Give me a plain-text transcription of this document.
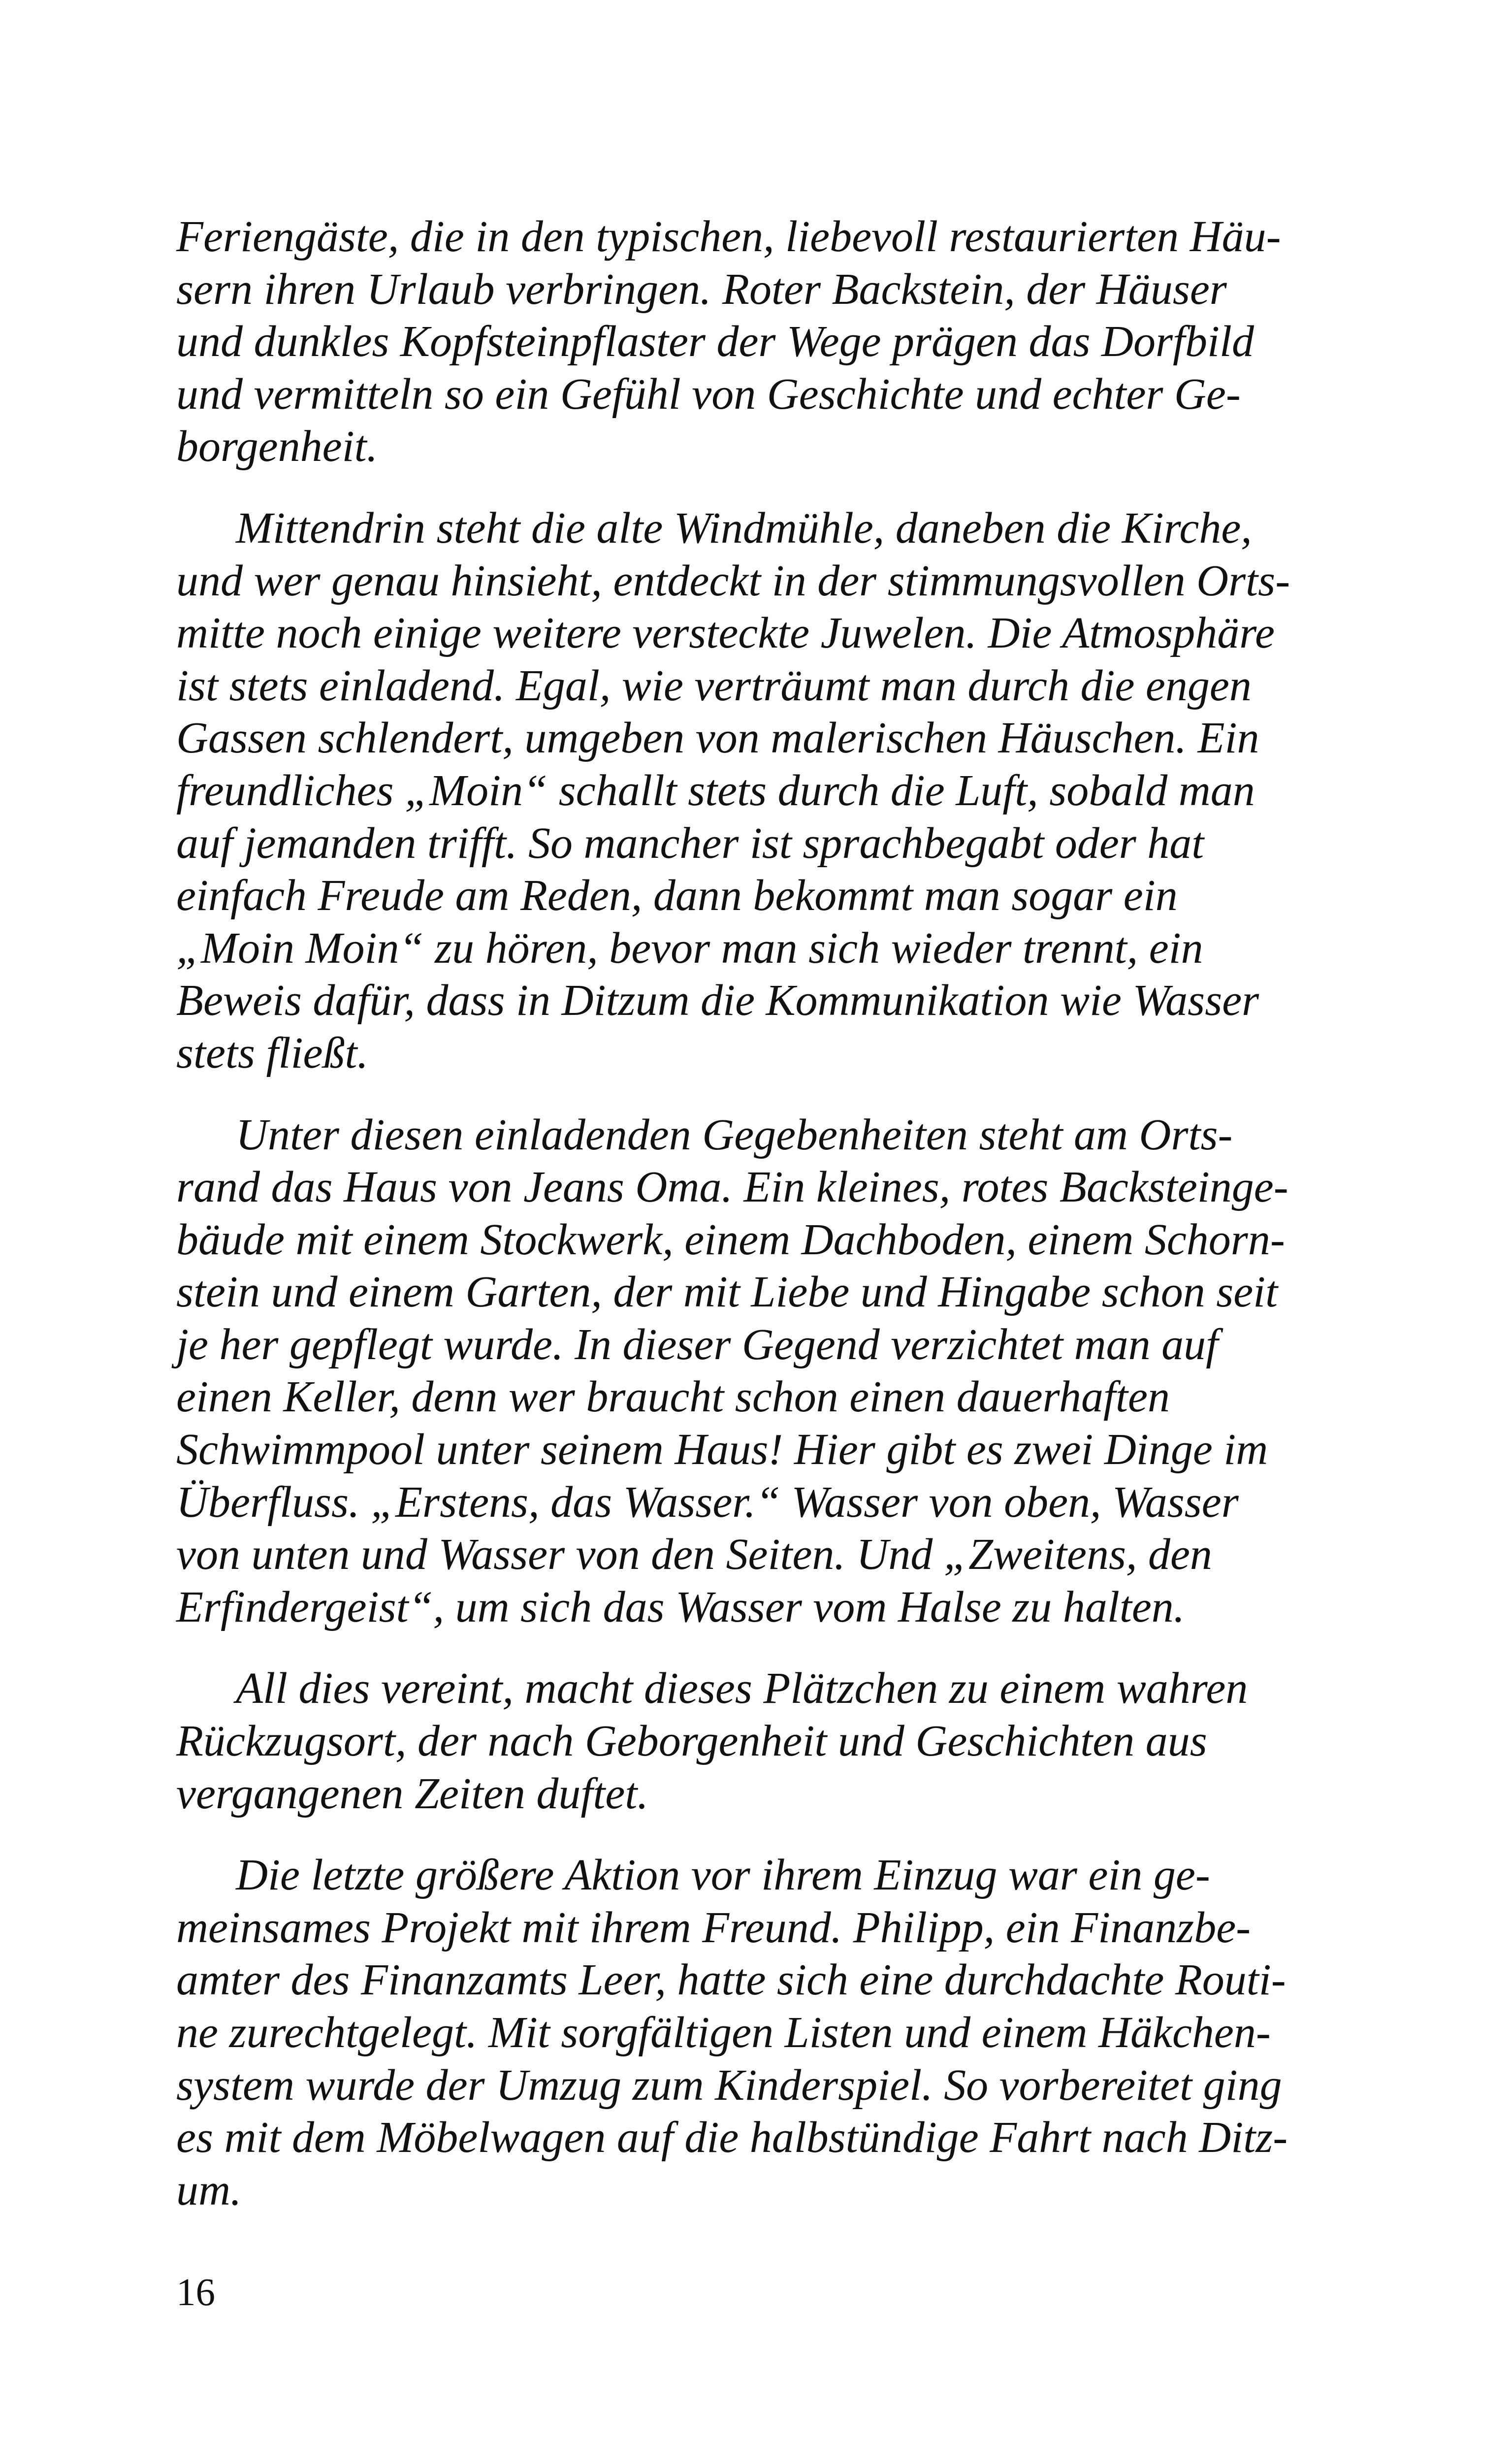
Feriengäste, die in den typischen, liebevoll restaurierten Häu-
sern ihren Urlaub verbringen. Roter Backstein, der Häuser
und dunkles Kopfsteinpflaster der Wege prägen das Dorfbild
und vermitteln so ein Gefühl von Geschichte und echter Ge-
borgenheit.
Mittendrin steht die alte Windmühle, daneben die Kirche,
und wer genau hinsieht, entdeckt in der stimmungsvollen Orts-
mitte noch einige weitere versteckte Juwelen. Die Atmosphäre
ist stets einladend. Egal, wie verträumt man durch die engen
Gassen schlendert, umgeben von malerischen Häuschen. Ein
freundliches „Moin“ schallt stets durch die Luft, sobald man
auf jemanden trifft. So mancher ist sprachbegabt oder hat
einfach Freude am Reden, dann bekommt man sogar ein
„Moin Moin“ zu hören, bevor man sich wieder trennt, ein
Beweis dafür, dass in Ditzum die Kommunikation wie Wasser
stets fließt.
Unter diesen einladenden Gegebenheiten steht am Orts-
rand das Haus von Jeans Oma. Ein kleines, rotes Backsteinge-
bäude mit einem Stockwerk, einem Dachboden, einem Schorn-
stein und einem Garten, der mit Liebe und Hingabe schon seit
je her gepflegt wurde. In dieser Gegend verzichtet man auf
einen Keller, denn wer braucht schon einen dauerhaften
Schwimmpool unter seinem Haus! Hier gibt es zwei Dinge im
Überfluss. „Erstens, das Wasser.“ Wasser von oben, Wasser
von unten und Wasser von den Seiten. Und „Zweitens, den
Erfindergeist“, um sich das Wasser vom Halse zu halten.
All dies vereint, macht dieses Plätzchen zu einem wahren
Rückzugsort, der nach Geborgenheit und Geschichten aus
vergangenen Zeiten duftet.
Die letzte größere Aktion vor ihrem Einzug war ein ge-
meinsames Projekt mit ihrem Freund. Philipp, ein Finanzbe-
amter des Finanzamts Leer, hatte sich eine durchdachte Routi-
ne zurechtgelegt. Mit sorgfältigen Listen und einem Häkchen-
system wurde der Umzug zum Kinderspiel. So vorbereitet ging
es mit dem Möbelwagen auf die halbstündige Fahrt nach Ditz-
um.
16
